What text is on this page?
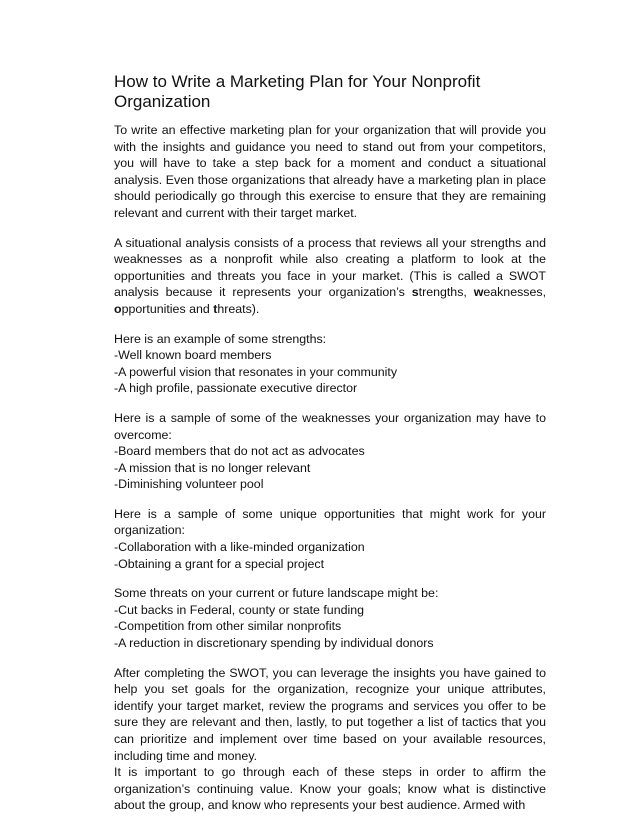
How to Write a Marketing Plan for Your Nonprofit Organization

To write an effective marketing plan for your organization that will provide you with the insights and guidance you need to stand out from your competitors, you will have to take a step back for a moment and conduct a situational analysis. Even those organizations that already have a marketing plan in place should periodically go through this exercise to ensure that they are remaining relevant and current with their target market.

A situational analysis consists of a process that reviews all your strengths and weaknesses as a nonprofit while also creating a platform to look at the opportunities and threats you face in your market. (This is called a SWOT analysis because it represents your organization’s strengths, weaknesses, opportunities and threats).

Here is an example of some strengths:
-Well known board members
-A powerful vision that resonates in your community
-A high profile, passionate executive director
Here is a sample of some of the weaknesses your organization may have to overcome:
-Board members that do not act as advocates
-A mission that is no longer relevant
-Diminishing volunteer pool
Here is a sample of some unique opportunities that might work for your organization:
-Collaboration with a like-minded organization
-Obtaining a grant for a special project
Some threats on your current or future landscape might be:
-Cut backs in Federal, county or state funding
-Competition from other similar nonprofits
-A reduction in discretionary spending by individual donors

After completing the SWOT, you can leverage the insights you have gained to help you set goals for the organization, recognize your unique attributes, identify your target market, review the programs and services you offer to be sure they are relevant and then, lastly, to put together a list of tactics that you can prioritize and implement over time based on your available resources, including time and money.

It is important to go through each of these steps in order to affirm the organization’s continuing value. Know your goals; know what is distinctive about the group, and know who represents your best audience. Armed with
